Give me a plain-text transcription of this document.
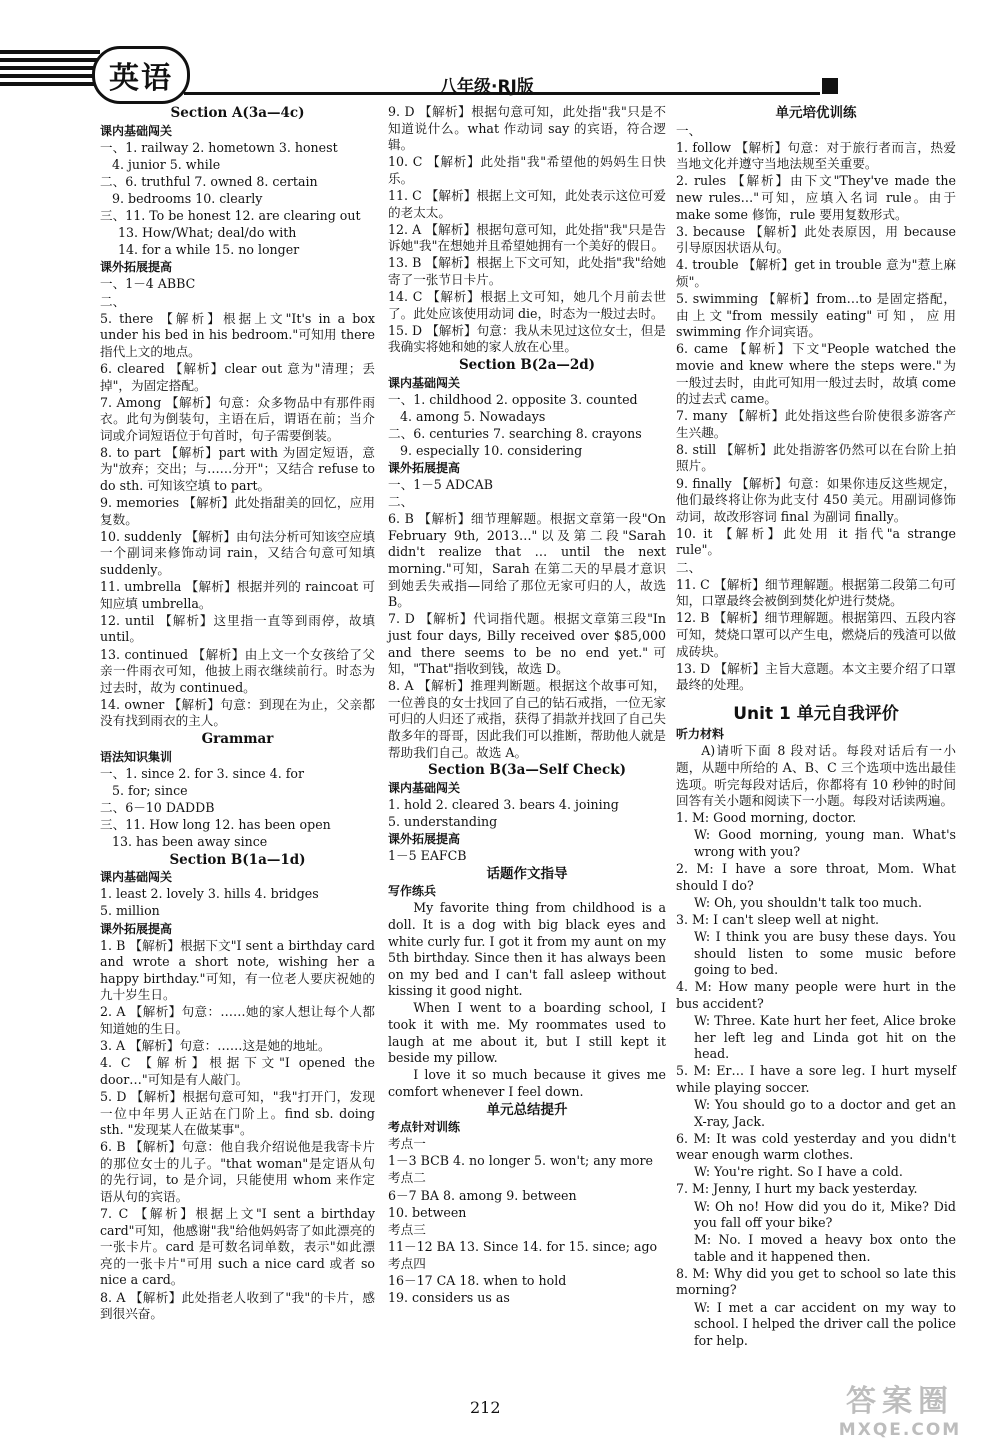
英语	八年级·RJ版

Section A(3a—4c)

课内基础闯关

一、1. railway 2. hometown 3. honest

4. junior 5. while

二、6. truthful 7. owned 8. certain

9. bedrooms 10. clearly

三、11. To be honest 12. are clearing out

13. How/What; deal/do with

14. for a while 15. no longer

课外拓展提高

一、1－4 ABBC

二、

5. there 【解析】根据上文"It's in a box under his bed in his bedroom."可知用 there 指代上文的地点。

6. cleared 【解析】clear out 意为"清理；丢掉"，为固定搭配。

7. Among 【解析】句意：众多物品中有那件雨衣。此句为倒装句，主语在后，谓语在前；当介词或介词短语位于句首时，句子需要倒装。

8. to part 【解析】part with 为固定短语，意为"放弃；交出；与……分开"；又结合 refuse to do sth. 可知该空填 to part。

9. memories 【解析】此处指甜美的回忆，应用复数。

10. suddenly 【解析】由句法分析可知该空应填一个副词来修饰动词 rain，又结合句意可知填 suddenly。

11. umbrella 【解析】根据并列的 raincoat 可知应填 umbrella。

12. until 【解析】这里指一直等到雨停，故填 until。

13. continued 【解析】由上文一个女孩给了父亲一件雨衣可知，他披上雨衣继续前行。时态为过去时，故为 continued。

14. owner 【解析】句意：到现在为止，父亲都没有找到雨衣的主人。

Grammar

语法知识集训

一、1. since 2. for 3. since 4. for

5. for; since

二、6－10 DADDB

三、11. How long 12. has been open

13. has been away since

Section B(1a—1d)

课内基础闯关

1. least 2. lovely 3. hills 4. bridges

5. million

课外拓展提高

1. B 【解析】根据下文"I sent a birthday card and wrote a short note, wishing her a happy birthday."可知，有一位老人要庆祝她的九十岁生日。

2. A 【解析】句意：……她的家人想让每个人都知道她的生日。

3. A 【解析】句意：……这是她的地址。

4. C 【解析】根据下文"I opened the door…"可知是有人敲门。

5. D 【解析】根据句意可知，"我"打开门，发现一位中年男人正站在门阶上。find sb. doing sth. "发现某人在做某事"。

6. B 【解析】句意：他自我介绍说他是我寄卡片的那位女士的儿子。"that woman"是定语从句的先行词，to 是介词，只能使用 whom 来作定语从句的宾语。

7. C 【解析】根据上文"I sent a birthday card"可知，他感谢"我"给他妈妈寄了如此漂亮的一张卡片。card 是可数名词单数，表示"如此漂亮的一张卡片"可用 such a nice card 或者 so nice a card。

8. A 【解析】此处指老人收到了"我"的卡片，感到很兴奋。

9. D 【解析】根据句意可知，此处指"我"只是不知道说什么。what 作动词 say 的宾语，符合逻辑。

10. C 【解析】此处指"我"希望他的妈妈生日快乐。

11. C 【解析】根据上文可知，此处表示这位可爱的老太太。

12. A 【解析】根据句意可知，此处指"我"只是告诉她"我"在想她并且希望她拥有一个美好的假日。

13. B 【解析】根据上下文可知，此处指"我"给她寄了一张节日卡片。

14. C 【解析】根据上文可知，她几个月前去世了。此处应该使用动词 die，时态为一般过去时。

15. D 【解析】句意：我从未见过这位女士，但是我确实将她和她的家人放在心里。

Section B(2a—2d)

课内基础闯关

一、1. childhood 2. opposite 3. counted

4. among 5. Nowadays

二、6. centuries 7. searching 8. crayons

9. especially 10. considering

课外拓展提高

一、1－5 ADCAB

二、

6. B 【解析】细节理解题。根据文章第一段"On February 9th, 2013…"以及第二段"Sarah didn't realize that … until the next morning."可知，Sarah 在第二天的早晨才意识到她丢失戒指—同给了那位无家可归的人，故选 B。

7. D 【解析】代词指代题。根据文章第三段"In just four days, Billy received over $85,000 and there seems to be no end yet."可知，"That"指收到钱，故选 D。

8. A 【解析】推理判断题。根据这个故事可知，一位善良的女士找回了自己的钻石戒指，一位无家可归的人归还了戒指，获得了捐款并找回了自己失散多年的哥哥，因此我们可以推断，帮助他人就是帮助我们自己。故选 A。

Section B(3a—Self Check)

课内基础闯关

1. hold 2. cleared 3. bears 4. joining

5. understanding

课外拓展提高

1－5 EAFCB

话题作文指导

写作练兵

My favorite thing from childhood is a doll. It is a dog with big black eyes and white curly fur. I got it from my aunt on my 5th birthday. Since then it has always been on my bed and I can't fall asleep without kissing it good night.

When I went to a boarding school, I took it with me. My roommates used to laugh at me about it, but I still kept it beside my pillow.

I love it so much because it gives me comfort whenever I feel down.

单元总结提升

考点针对训练

考点一

1－3 BCB 4. no longer 5. won't; any more

考点二

6－7 BA 8. among 9. between

10. between

考点三

11－12 BA 13. Since 14. for 15. since; ago

考点四

16－17 CA 18. when to hold

19. considers us as

单元培优训练

一、

1. follow 【解析】句意：对于旅行者而言，热爱当地文化并遵守当地法规至关重要。

2. rules 【解析】由下文"They've made the new rules…"可知，应填入名词 rule。由于 make some 修饰，rule 要用复数形式。

3. because 【解析】此处表原因，用 because 引导原因状语从句。

4. trouble 【解析】get in trouble 意为"惹上麻烦"。

5. swimming 【解析】from…to 是固定搭配，由上文"from messily eating"可知，应用 swimming 作介词宾语。

6. came 【解析】下文"People watched the movie and knew where the steps were."为一般过去时，由此可知用一般过去时，故填 come 的过去式 came。

7. many 【解析】此处指这些台阶使很多游客产生兴趣。

8. still 【解析】此处指游客仍然可以在台阶上拍照片。

9. finally 【解析】句意：如果你违反这些规定，他们最终将让你为此支付 450 美元。用副词修饰动词，故改形容词 final 为副词 finally。

10. it 【解析】此处用 it 指代"a strange rule"。

二、

11. C 【解析】细节理解题。根据第二段第二句可知，口罩最终会被倒到焚化炉进行焚烧。

12. B 【解析】细节理解题。根据第四、五段内容可知，焚烧口罩可以产生电，燃烧后的残渣可以做成砖块。

13. D 【解析】主旨大意题。本文主要介绍了口罩最终的处理。

Unit 1 单元自我评价

听力材料

A)请听下面 8 段对话。每段对话后有一小题，从题中所给的 A、B、C 三个选项中选出最佳选项。听完每段对话后，你都将有 10 秒钟的时间回答有关小题和阅读下一小题。每段对话读两遍。

1. M: Good morning, doctor.

W: Good morning, young man. What's wrong with you?

2. M: I have a sore throat, Mom. What should I do?

W: Oh, you shouldn't talk too much.

3. M: I can't sleep well at night.

W: I think you are busy these days. You should listen to some music before going to bed.

4. M: How many people were hurt in the bus accident?

W: Three. Kate hurt her feet, Alice broke her left leg and Linda got hit on the head.

5. M: Er… I have a sore leg. I hurt myself while playing soccer.

W: You should go to a doctor and get an X-ray, Jack.

6. M: It was cold yesterday and you didn't wear enough warm clothes.

W: You're right. So I have a cold.

7. M: Jenny, I hurt my back yesterday.

W: Oh no! How did you do it, Mike? Did you fall off your bike?

M: No. I moved a heavy box onto the table and it happened then.

8. M: Why did you get to school so late this morning?

W: I met a car accident on my way to school. I helped the driver call the police for help.

212	答案圈
MXQE.COM
